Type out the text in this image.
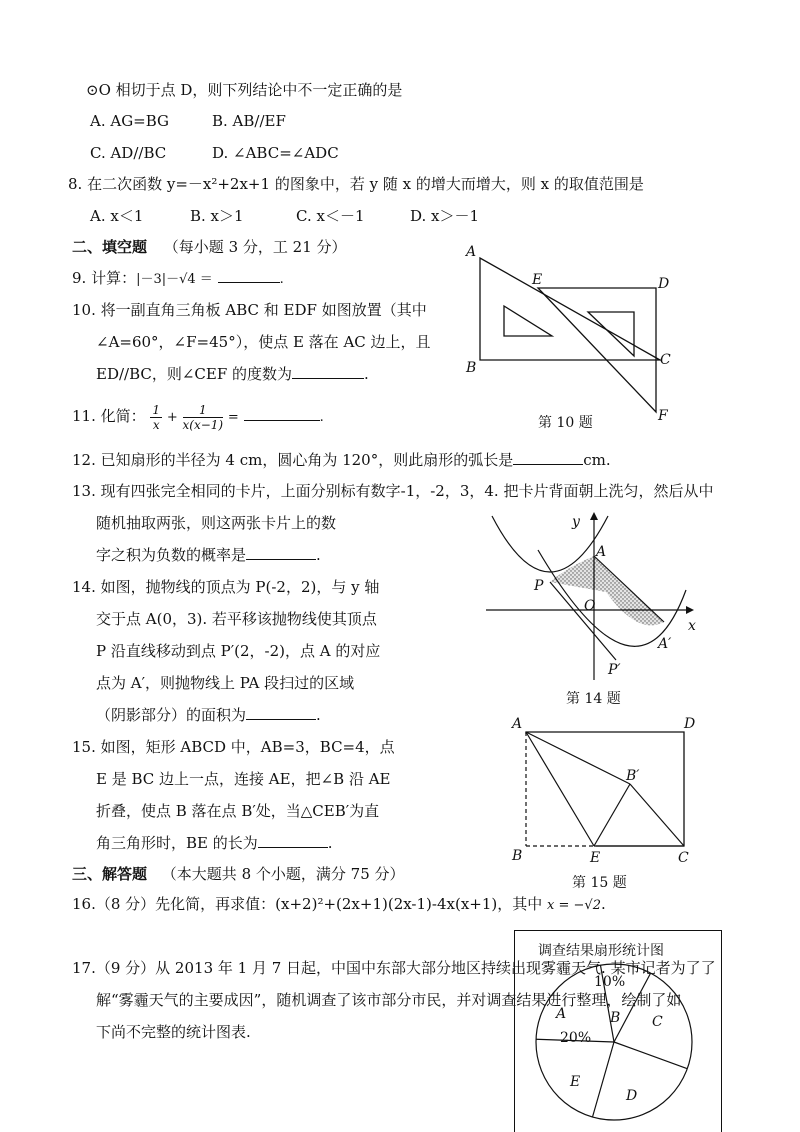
⊙O 相切于点 D，则下列结论中不一定正确的是
A. AG=BG	B. AB//EF
C. AD//BC	D. ∠ABC=∠ADC
8. 在二次函数 y=－x²+2x+1 的图象中，若 y 随 x 的增大而增大，则 x 的取值范围是
A. x＜1	B. x＞1	C. x＜－1	D. x＞－1
二、填空题 （每小题 3 分，工 21 分）
9. 计算：|－3|－√4 ＝	.
10. 将一副直角三角板 ABC 和 EDF 如图放置（其中
∠A=60°，∠F=45°），使点 E 落在 AC 边上，且
ED//BC，则∠CEF 的度数为	.
A
B	C
D
E
F
第 10 题
11. 化简： $\frac{1}{x} + \frac{1}{x(x-1)}$ =	.
12. 已知扇形的半径为 4 cm，圆心角为 120°，则此扇形的弧长是	cm.
13. 现有四张完全相同的卡片，上面分别标有数字-1，-2，3，4. 把卡片背面朝上洗匀，然后从中
随机抽取两张，则这两张卡片上的数
字之积为负数的概率是	.
14. 如图，抛物线的顶点为 P(-2，2)，与 y 轴
交于点 A(0，3). 若平移该抛物线使其顶点
P 沿直线移动到点 P′(2，-2)，点 A 的对应
点为 A′，则抛物线上 PA 段扫过的区域
（阴影部分）的面积为	.
y
x
A
P
O
A′
P′
第 14 题
15. 如图，矩形 ABCD 中，AB=3，BC=4，点
E 是 BC 边上一点，连接 AE，把∠B 沿 AE
折叠，使点 B 落在点 B′处，当△CEB′为直
角三角形时，BE 的长为	.
A	D
B	E	C
B′
第 15 题
三、解答题 （本大题共 8 个小题，满分 75 分）
16.（8 分）先化简，再求值：(x+2)²+(2x+1)(2x-1)-4x(x+1)，其中 x = −√2.
调查结果扇形统计图
A	B C
D
E
10%
20%
17.（9 分）从 2013 年 1 月 7 日起，中国中东部大部分地区持续出现雾霾天气. 某市记者为了了
解“雾霾天气的主要成因”，随机调查了该市部分市民，并对调查结果进行整理，绘制了如
下尚不完整的统计图表.
